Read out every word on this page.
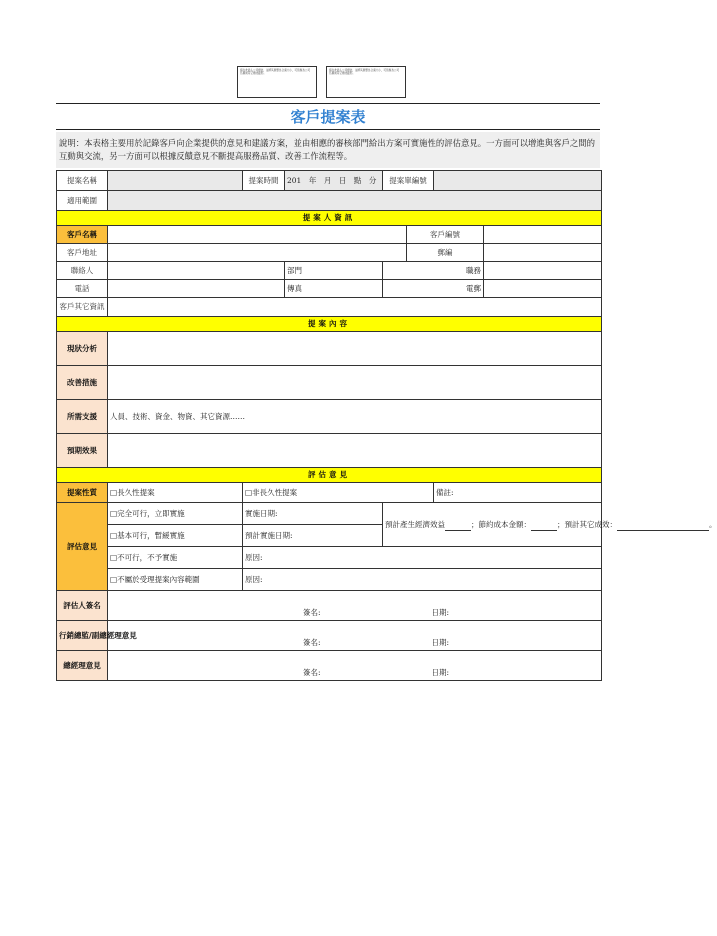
請在此插入公司標誌，並將其調整為合適大小，可替換為公司名稱或其它標誌圖形。
請在此插入公司標誌，並將其調整為合適大小，可替換為公司名稱或其它標誌圖形。
客戶提案表
說明：本表格主要用於記錄客戶向企業提供的意見和建議方案，並由相應的審核部門給出方案可實施性的評估意見。一方面可以增進與客戶之間的互動與交流，另一方面可以根據反饋意見不斷提高服務品質、改善工作流程等。
提案名稱		提案時間	201　年　月　日　點　分	提案單編號			
適用範圍							
提案人資訊							
客戶名稱					客戶編號		
客戶地址					郵編		
聯絡人			部門	職務			
電話			傳真	電郵			
客戶其它資訊							
提案內容							
現狀分析							
改善措施							
所需支援	人員、技術、資金、物資、其它資源……						
預期效果							
評估意見							
提案性質	□長久性提案	□非長久性提案				備註:	
評估意見	□完全可行，立即實施	實施日期:		預計產生經濟效益 ；節約成本金額： ；預計其它成效： 。			
	□基本可行，暫緩實施	預計實施日期:					
	□不可行，不予實施	原因:					
	□不屬於受理提案內容範圍	原因:					
評估人簽名	簽名: 日期:						
行銷總監/副總經理意見	簽名: 日期:						
總經理意見	簽名: 日期:						
